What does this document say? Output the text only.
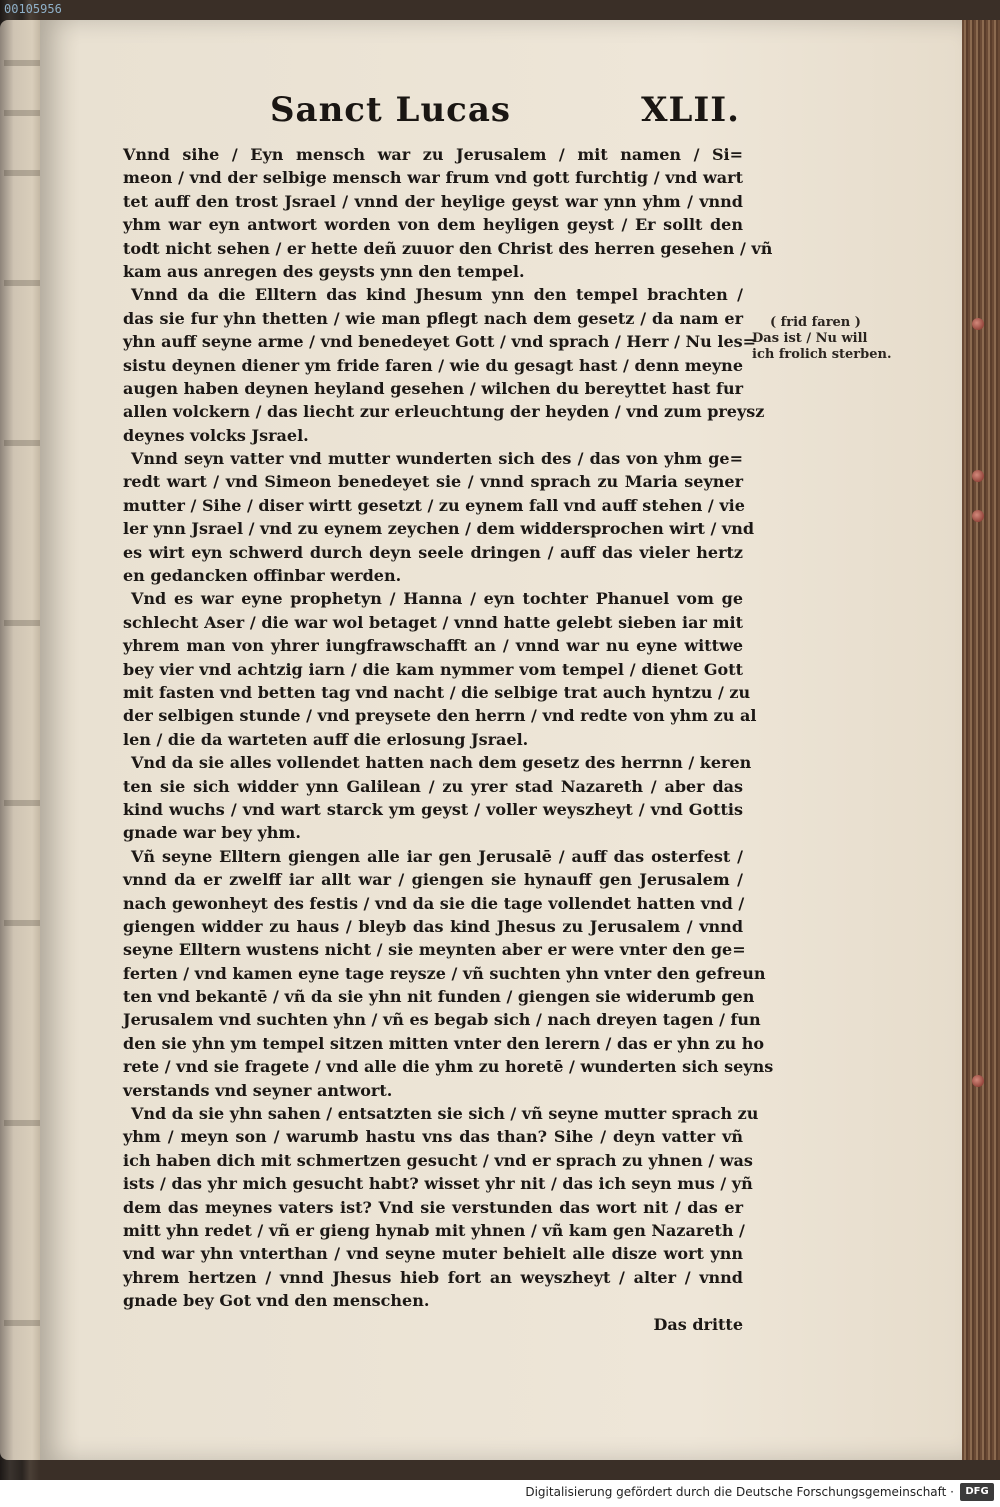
00105956
Sanct Lucas	XLII.
Vnnd sihe / Eyn mensch war zu Jerusalem / mit namen / Si=
meon / vnd der selbige mensch war frum vnd gott furchtig / vnd wart
tet auff den trost Jsrael / vnnd der heylige geyst war ynn yhm / vnnd
yhm war eyn antwort worden von dem heyligen geyst / Er sollt den
todt nicht sehen / er hette deñ zuuor den Christ des herren gesehen / vñ
kam aus anregen des geysts ynn den tempel.
Vnnd da die Elltern das kind Jhesum ynn den tempel brachten /
das sie fur yhn thetten / wie man pflegt nach dem gesetz / da nam er
yhn auff seyne arme / vnd benedeyet Gott / vnd sprach / Herr / Nu les=
sistu deynen diener ym fride faren / wie du gesagt hast / denn meyne
augen haben deynen heyland gesehen / wilchen du bereyttet hast fur
allen volckern / das liecht zur erleuchtung der heyden / vnd zum preysz
deynes volcks Jsrael.
Vnnd seyn vatter vnd mutter wunderten sich des / das von yhm ge=
redt wart / vnd Simeon benedeyet sie / vnnd sprach zu Maria seyner
mutter / Sihe / diser wirtt gesetzt / zu eynem fall vnd auff stehen / vie
ler ynn Jsrael / vnd zu eynem zeychen / dem widdersprochen wirt / vnd
es wirt eyn schwerd durch deyn seele dringen / auff das vieler hertz
en gedancken offinbar werden.
Vnd es war eyne prophetyn / Hanna / eyn tochter Phanuel vom ge
schlecht Aser / die war wol betaget / vnnd hatte gelebt sieben iar mit
yhrem man von yhrer iungfrawschafft an / vnnd war nu eyne wittwe
bey vier vnd achtzig iarn / die kam nymmer vom tempel / dienet Gott
mit fasten vnd betten tag vnd nacht / die selbige trat auch hyntzu / zu
der selbigen stunde / vnd preysete den herrn / vnd redte von yhm zu al
len / die da warteten auff die erlosung Jsrael.
Vnd da sie alles vollendet hatten nach dem gesetz des herrnn / keren
ten sie sich widder ynn Galilean / zu yrer stad Nazareth / aber das
kind wuchs / vnd wart starck ym geyst / voller weyszheyt / vnd Gottis
gnade war bey yhm.
Vñ seyne Elltern giengen alle iar gen Jerusalē / auff das osterfest /
vnnd da er zwelff iar allt war / giengen sie hynauff gen Jerusalem /
nach gewonheyt des festis / vnd da sie die tage vollendet hatten vnd /
giengen widder zu haus / bleyb das kind Jhesus zu Jerusalem / vnnd
seyne Elltern wustens nicht / sie meynten aber er were vnter den ge=
ferten / vnd kamen eyne tage reysze / vñ suchten yhn vnter den gefreun
ten vnd bekantē / vñ da sie yhn nit funden / giengen sie widerumb gen
Jerusalem vnd suchten yhn / vñ es begab sich / nach dreyen tagen / fun
den sie yhn ym tempel sitzen mitten vnter den lerern / das er yhn zu ho
rete / vnd sie fragete / vnd alle die yhm zu horetē / wunderten sich seyns
verstands vnd seyner antwort.
Vnd da sie yhn sahen / entsatzten sie sich / vñ seyne mutter sprach zu
yhm / meyn son / warumb hastu vns das than? Sihe / deyn vatter vñ
ich haben dich mit schmertzen gesucht / vnd er sprach zu yhnen / was
ists / das yhr mich gesucht habt? wisset yhr nit / das ich seyn mus / yñ
dem das meynes vaters ist? Vnd sie verstunden das wort nit / das er
mitt yhn redet / vñ er gieng hynab mit yhnen / vñ kam gen Nazareth /
vnd war yhn vnterthan / vnd seyne muter behielt alle disze wort ynn
yhrem hertzen / vnnd Jhesus hieb fort an weyszheyt / alter / vnnd
gnade bey Got vnd den menschen.
Das dritte
( frid faren )
Das ist / Nu will
ich frolich sterben.
Digitalisierung gefördert durch die Deutsche Forschungsgemeinschaft ·	DFG
